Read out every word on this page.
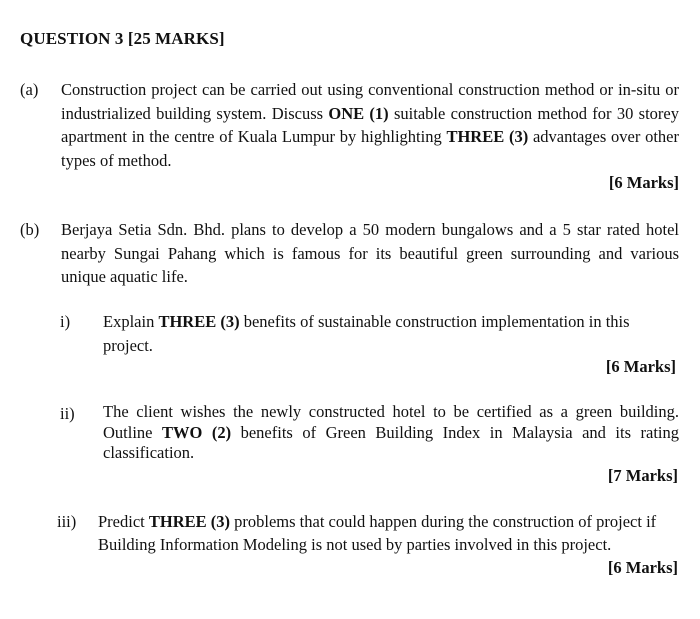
QUESTION 3 [25 MARKS]
(a) Construction project can be carried out using conventional construction method or in-situ or industrialized building system. Discuss ONE (1) suitable construction method for 30 storey apartment in the centre of Kuala Lumpur by highlighting THREE (3) advantages over other types of method.
[6 Marks]
(b) Berjaya Setia Sdn. Bhd. plans to develop a 50 modern bungalows and a 5 star rated hotel nearby Sungai Pahang which is famous for its beautiful green surrounding and various unique aquatic life.
i) Explain THREE (3) benefits of sustainable construction implementation in this project.
[6 Marks]
ii) The client wishes the newly constructed hotel to be certified as a green building. Outline TWO (2) benefits of Green Building Index in Malaysia and its rating classification.
[7 Marks]
iii) Predict THREE (3) problems that could happen during the construction of project if Building Information Modeling is not used by parties involved in this project.
[6 Marks]
